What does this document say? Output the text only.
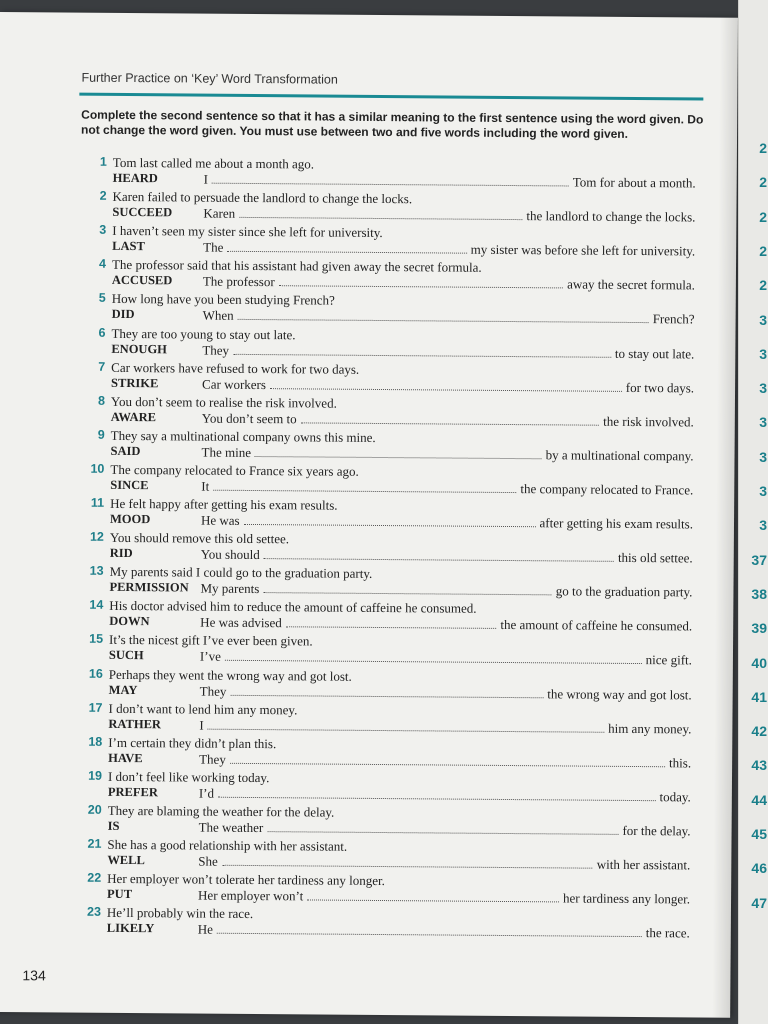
Further Practice on ‘Key’ Word Transformation
Complete the second sentence so that it has a similar meaning to the first sentence using the word given. Do not change the word given. You must use between two and five words including the word given.
1 Tom last called me about a month ago.
HEARD	I	Tom for about a month.
2 Karen failed to persuade the landlord to change the locks.
SUCCEED Karen	the landlord to change the locks.
3 I haven’t seen my sister since she left for university.
LAST	The	my sister was before she left for university.
4 The professor said that his assistant had given away the secret formula.
ACCUSED The professor	away the secret formula.
5 How long have you been studying French?
DID	When	French?
6 They are too young to stay out late.
ENOUGH	They	to stay out late.
7 Car workers have refused to work for two days.
STRIKE	Car workers	for two days.
8 You don’t seem to realise the risk involved.
AWARE	You don’t seem to	the risk involved.
9 They say a multinational company owns this mine.
SAID	The mine	by a multinational company.
10 The company relocated to France six years ago.
SINCE	It	the company relocated to France.
11 He felt happy after getting his exam results.
MOOD	He was	after getting his exam results.
12 You should remove this old settee.
RID	You should	this old settee.
13 My parents said I could go to the graduation party.
PERMISSION My parents	go to the graduation party.
14 His doctor advised him to reduce the amount of caffeine he consumed.
DOWN	He was advised	the amount of caffeine he consumed.
15 It’s the nicest gift I’ve ever been given.
SUCH	I’ve	nice gift.
16 Perhaps they went the wrong way and got lost.
MAY	They	the wrong way and got lost.
17 I don’t want to lend him any money.
RATHER	I	him any money.
18 I’m certain they didn’t plan this.
HAVE	They	this.
19 I don’t feel like working today.
PREFER	I’d	today.
20 They are blaming the weather for the delay.
IS	The weather	for the delay.
21 She has a good relationship with her assistant.
WELL	She	with her assistant.
22 Her employer won’t tolerate her tardiness any longer.
PUT	Her employer won’t	her tardiness any longer.
23 He’ll probably win the race.
LIKELY	He	the race.
134
2
2
2
2
2
3
3
3
3
3
3
3
37
38
39
40
41
42
43
44
45
46
47
